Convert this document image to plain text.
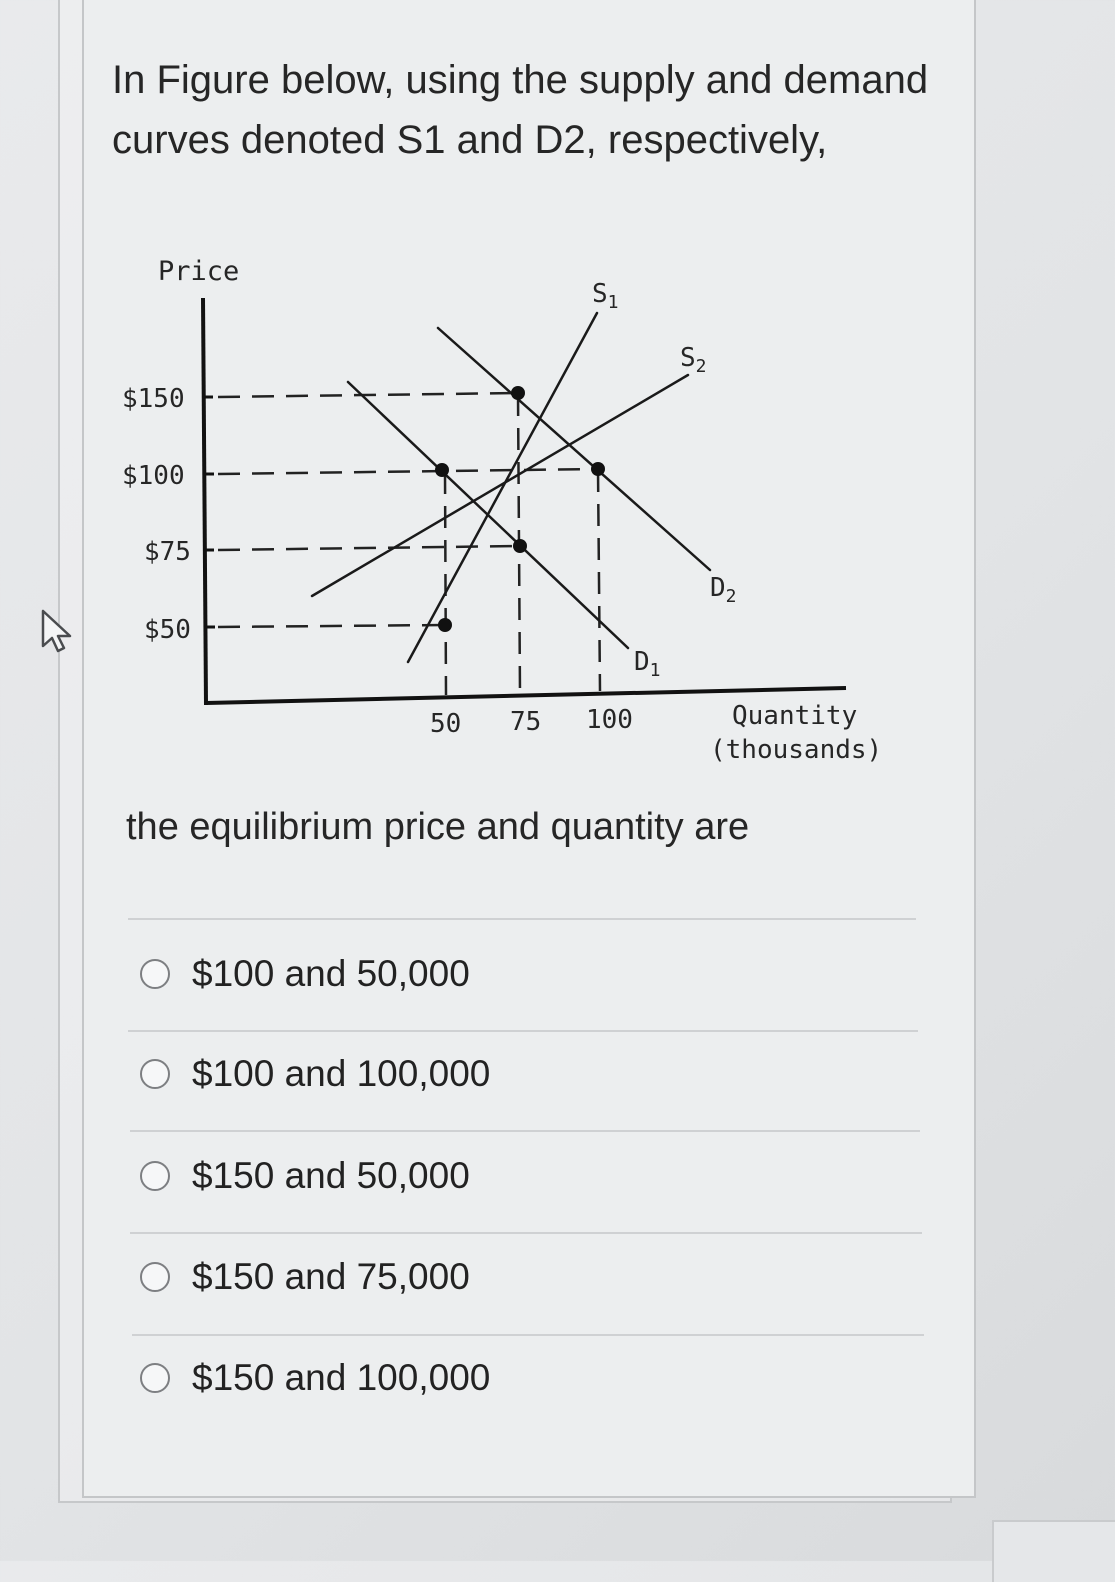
In Figure below, using the supply and demand curves denoted S1 and D2, respectively,
Price
$150
$100
$75
$50
50 75 100	Quantity
(thousands)
$S_1$
$S_2$
$D_1$
$D_2$

the equilibrium price and quantity are

$100 and 50,000
$100 and 100,000
$150 and 50,000
$150 and 75,000
$150 and 100,000
